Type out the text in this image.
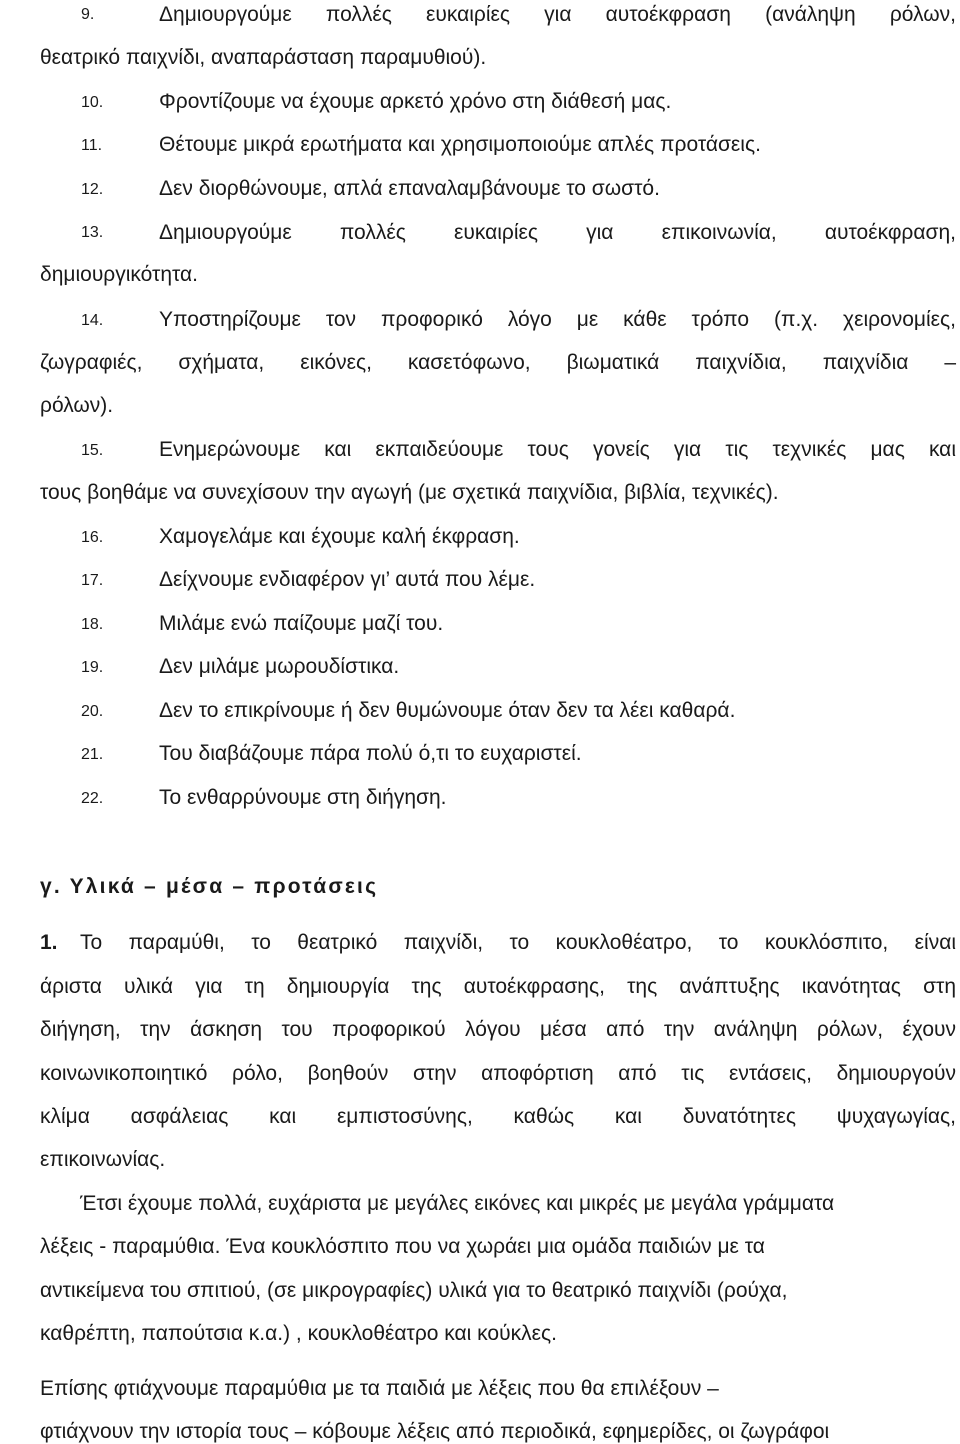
9.	Δημιουργούμε πολλές ευκαιρίες για αυτοέκφραση (ανάληψη ρόλων,
θεατρικό παιχνίδι, αναπαράσταση παραμυθιού).
10.	Φροντίζουμε να έχουμε αρκετό χρόνο στη διάθεσή μας.
11.	Θέτουμε μικρά ερωτήματα και χρησιμοποιούμε απλές προτάσεις.
12.	Δεν διορθώνουμε, απλά επαναλαμβάνουμε το σωστό.
13.	Δημιουργούμε πολλές ευκαιρίες για επικοινωνία, αυτοέκφραση,
δημιουργικότητα.
14.	Υποστηρίζουμε τον προφορικό λόγο με κάθε τρόπο (π.χ. χειρονομίες,
ζωγραφιές, σχήματα, εικόνες, κασετόφωνο, βιωματικά παιχνίδια, παιχνίδια –
ρόλων).
15.	Ενημερώνουμε και εκπαιδεύουμε τους γονείς για τις τεχνικές μας και
τους βοηθάμε να συνεχίσουν την αγωγή (με σχετικά παιχνίδια, βιβλία, τεχνικές).
16.	Χαμογελάμε και έχουμε καλή έκφραση.
17.	Δείχνουμε ενδιαφέρον γι’ αυτά που λέμε.
18.	Μιλάμε ενώ παίζουμε μαζί του.
19.	Δεν μιλάμε μωρουδίστικα.
20.	Δεν το επικρίνουμε ή δεν θυμώνουμε όταν δεν τα λέει καθαρά.
21.	Του διαβάζουμε πάρα πολύ ό,τι το ευχαριστεί.
22.	Το ενθαρρύνουμε στη διήγηση.
γ. Υλικά – μέσα – προτάσεις
1. Το παραμύθι, το θεατρικό παιχνίδι, το κουκλοθέατρο, το κουκλόσπιτο, είναι
άριστα υλικά για τη δημιουργία της αυτοέκφρασης, της ανάπτυξης ικανότητας στη
διήγηση, την άσκηση του προφορικού λόγου μέσα από την ανάληψη ρόλων, έχουν
κοινωνικοποιητικό ρόλο, βοηθούν στην αποφόρτιση από τις εντάσεις, δημιουργούν
κλίμα ασφάλειας και εμπιστοσύνης, καθώς και δυνατότητες ψυχαγωγίας,
επικοινωνίας.
Έτσι έχουμε πολλά, ευχάριστα με μεγάλες εικόνες και μικρές με μεγάλα γράμματα
λέξεις - παραμύθια. Ένα κουκλόσπιτο που να χωράει μια ομάδα παιδιών με τα
αντικείμενα του σπιτιού, (σε μικρογραφίες) υλικά για το θεατρικό παιχνίδι (ρούχα,
καθρέπτη, παπούτσια κ.α.) , κουκλοθέατρο και κούκλες.
Επίσης φτιάχνουμε παραμύθια με τα παιδιά με λέξεις που θα επιλέξουν –
φτιάχνουν την ιστορία τους – κόβουμε λέξεις από περιοδικά, εφημερίδες, οι ζωγράφοι
